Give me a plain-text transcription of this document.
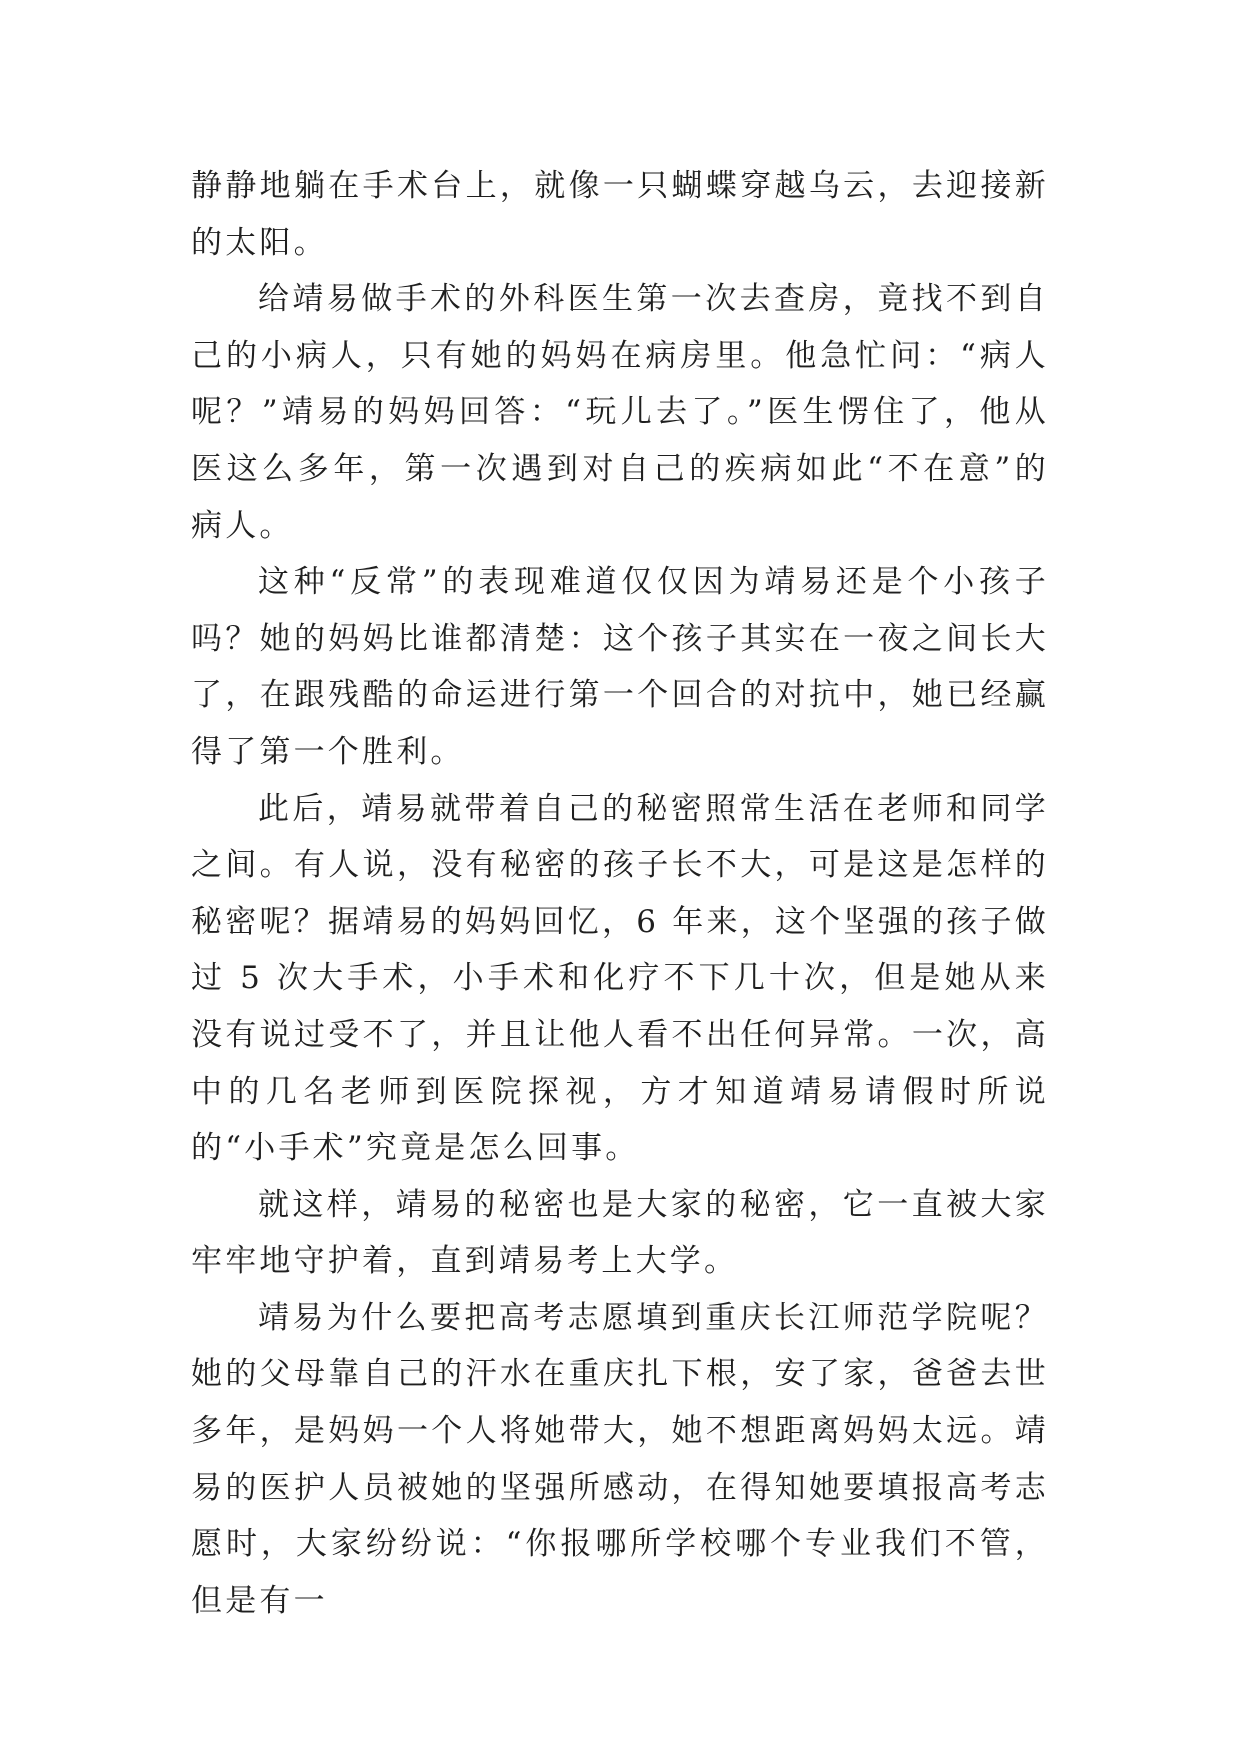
静静地躺在手术台上，就像一只蝴蝶穿越乌云，去迎接新的太阳。

给靖易做手术的外科医生第一次去查房，竟找不到自己的小病人，只有她的妈妈在病房里。他急忙问：“病人呢？”靖易的妈妈回答：“玩儿去了。”医生愣住了，他从医这么多年，第一次遇到对自己的疾病如此“不在意”的病人。

这种“反常”的表现难道仅仅因为靖易还是个小孩子吗？她的妈妈比谁都清楚：这个孩子其实在一夜之间长大了，在跟残酷的命运进行第一个回合的对抗中，她已经赢得了第一个胜利。

此后，靖易就带着自己的秘密照常生活在老师和同学之间。有人说，没有秘密的孩子长不大，可是这是怎样的秘密呢？据靖易的妈妈回忆，6 年来，这个坚强的孩子做过 5 次大手术，小手术和化疗不下几十次，但是她从来没有说过受不了，并且让他人看不出任何异常。一次，高中的几名老师到医院探视，方才知道靖易请假时所说的“小手术”究竟是怎么回事。

就这样，靖易的秘密也是大家的秘密，它一直被大家牢牢地守护着，直到靖易考上大学。

靖易为什么要把高考志愿填到重庆长江师范学院呢？她的父母靠自己的汗水在重庆扎下根，安了家，爸爸去世多年，是妈妈一个人将她带大，她不想距离妈妈太远。靖易的医护人员被她的坚强所感动，在得知她要填报高考志愿时，大家纷纷说：“你报哪所学校哪个专业我们不管，但是有一
